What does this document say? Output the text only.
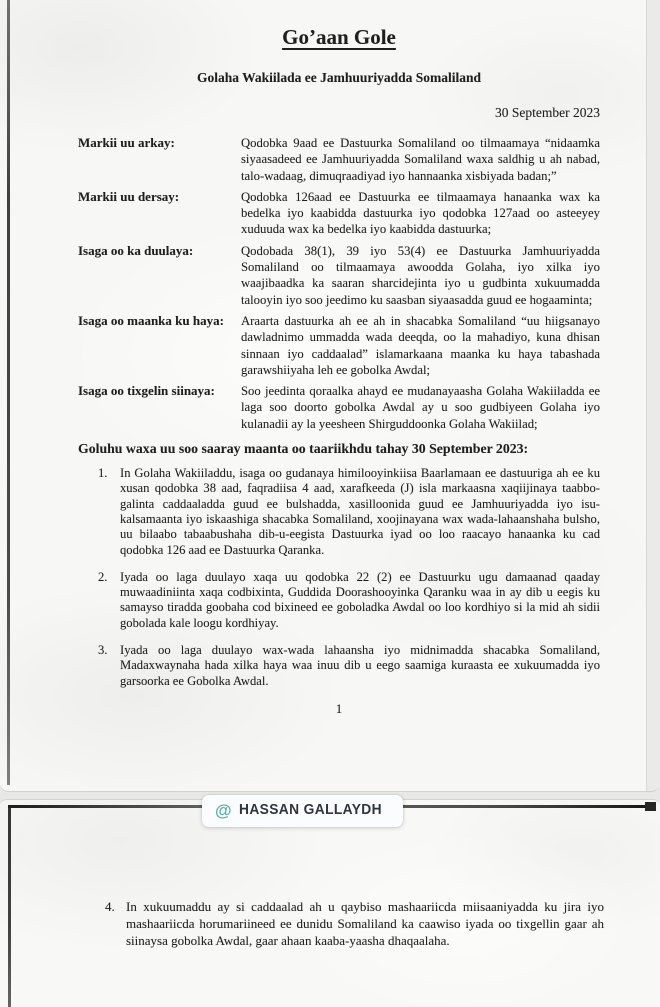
Go’aan Gole
Golaha Wakiilada ee Jamhuuriyadda Somaliland
30 September 2023
Markii uu arkay:	Qodobka 9aad ee Dastuurka Somaliland oo tilmaamaya “nidaamka siyaasadeed ee Jamhuuriyadda Somaliland waxa saldhig u ah nabad, talo-wadaag, dimuqraadiyad iyo hannaanka xisbiyada badan;”
Markii uu dersay:	Qodobka 126aad ee Dastuurka ee tilmaamaya hanaanka wax ka bedelka iyo kaabidda dastuurka iyo qodobka 127aad oo asteeyey xuduuda wax ka bedelka iyo kaabidda dastuurka;
Isaga oo ka duulaya:	Qodobada 38(1), 39 iyo 53(4) ee Dastuurka Jamhuuriyadda Somaliland oo tilmaamaya awoodda Golaha, iyo xilka iyo waajibaadka ka saaran sharcidejinta iyo u gudbinta xukuumadda talooyin iyo soo jeedimo ku saasban siyaasadda guud ee hogaaminta;
Isaga oo maanka ku haya:	Araarta dastuurka ah ee ah in shacabka Somaliland “uu hiigsanayo dawladnimo ummadda wada deeqda, oo la mahadiyo, kuna dhisan sinnaan iyo caddaalad” islamarkaana maanka ku haya tabashada garawshiiyaha leh ee gobolka Awdal;
Isaga oo tixgelin siinaya:	Soo jeedinta qoraalka ahayd ee mudanayaasha Golaha Wakiiladda ee laga soo doorto gobolka Awdal ay u soo gudbiyeen Golaha iyo kulanadii ay la yeesheen Shirguddoonka Golaha Wakiilad;
Goluhu waxa uu soo saaray maanta oo taariikhdu tahay 30 September 2023:
1. In Golaha Wakiiladdu, isaga oo gudanaya himilooyinkiisa Baarlamaan ee dastuuriga ah ee ku xusan qodobka 38 aad, faqradiisa 4 aad, xarafkeeda (J) isla markaasna xaqiijinaya taabbo-galinta caddaaladda guud ee bulshadda, xasilloonida guud ee Jamhuuriyadda iyo isu-kalsamaanta iyo iskaashiga shacabka Somaliland, xoojinayana wax wada-lahaanshaha bulsho, uu bilaabo tabaabushaha dib-u-eegista Dastuurka iyad oo loo raacayo hanaanka ku cad qodobka 126 aad ee Dastuurka Qaranka.
2. Iyada oo laga duulayo xaqa uu qodobka 22 (2) ee Dastuurku ugu damaanad qaaday muwaadiniinta xaqa codbixinta, Guddida Doorashooyinka Qaranku waa in ay dib u eegis ku samayso tiradda goobaha cod bixineed ee goboladka Awdal oo loo kordhiyo si la mid ah sidii gobolada kale loogu kordhiyay.
3. Iyada oo laga duulayo wax-wada lahaansha iyo midnimadda shacabka Somaliland, Madaxwaynaha hada xilka haya waa inuu dib u eego saamiga kuraasta ee xukuumadda iyo garsoorka ee Gobolka Awdal.
1
4. In xukuumaddu ay si caddaalad ah u qaybiso mashaariicda miisaaniyadda ku jira iyo mashaariicda horumariineed ee dunidu Somaliland ka caawiso iyada oo tixgellin gaar ah siinaysa gobolka Awdal, gaar ahaan kaaba-yaasha dhaqaalaha.
@ HASSAN GALLAYDH
